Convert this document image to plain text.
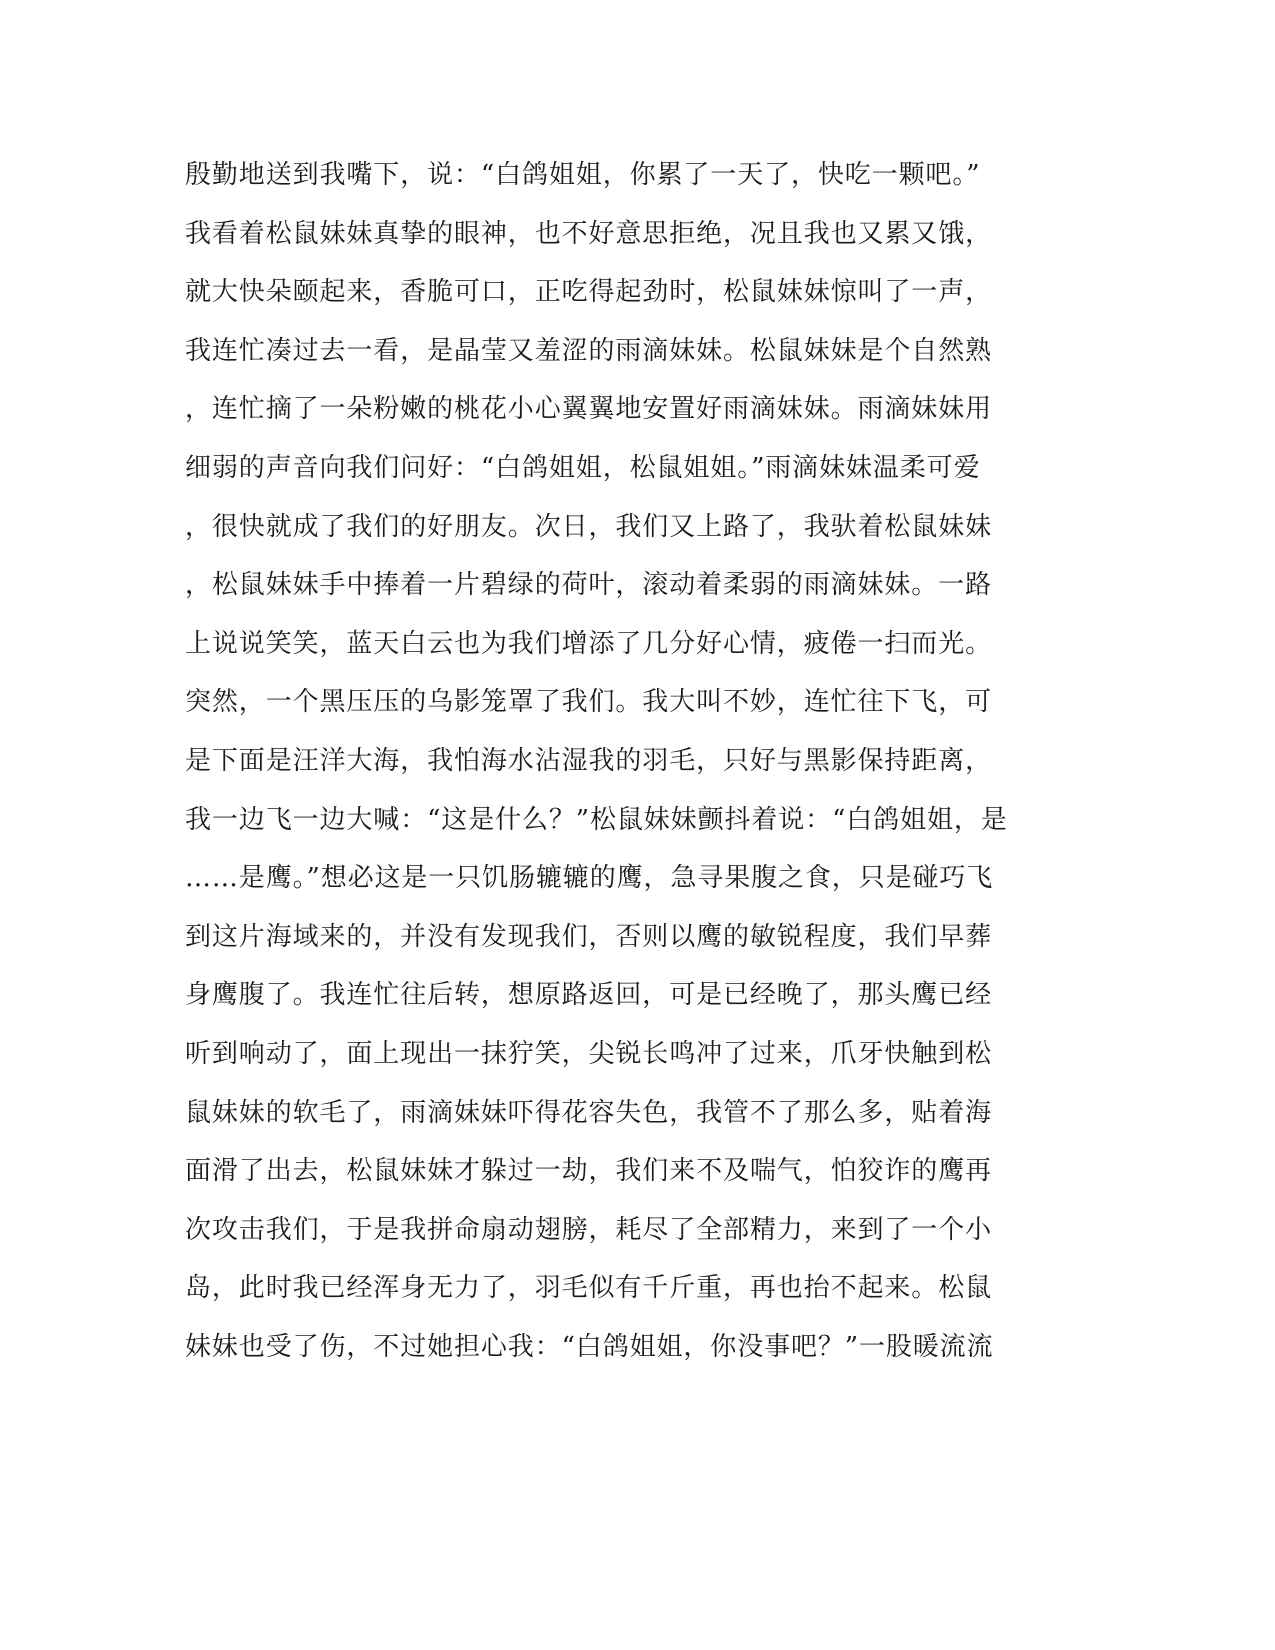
殷勤地送到我嘴下，说：“白鸽姐姐，你累了一天了，快吃一颗吧。”
我看着松鼠妹妹真挚的眼神，也不好意思拒绝，况且我也又累又饿，
就大快朵颐起来，香脆可口，正吃得起劲时，松鼠妹妹惊叫了一声，
我连忙凑过去一看，是晶莹又羞涩的雨滴妹妹。松鼠妹妹是个自然熟
，连忙摘了一朵粉嫩的桃花小心翼翼地安置好雨滴妹妹。雨滴妹妹用
细弱的声音向我们问好：“白鸽姐姐，松鼠姐姐。”雨滴妹妹温柔可爱
，很快就成了我们的好朋友。次日，我们又上路了，我驮着松鼠妹妹
，松鼠妹妹手中捧着一片碧绿的荷叶，滚动着柔弱的雨滴妹妹。一路
上说说笑笑，蓝天白云也为我们增添了几分好心情，疲倦一扫而光。
突然，一个黑压压的乌影笼罩了我们。我大叫不妙，连忙往下飞，可
是下面是汪洋大海，我怕海水沾湿我的羽毛，只好与黑影保持距离，
我一边飞一边大喊：“这是什么？”松鼠妹妹颤抖着说：“白鸽姐姐，是
……是鹰。”想必这是一只饥肠辘辘的鹰，急寻果腹之食，只是碰巧飞
到这片海域来的，并没有发现我们，否则以鹰的敏锐程度，我们早葬
身鹰腹了。我连忙往后转，想原路返回，可是已经晚了，那头鹰已经
听到响动了，面上现出一抹狞笑，尖锐长鸣冲了过来，爪牙快触到松
鼠妹妹的软毛了，雨滴妹妹吓得花容失色，我管不了那么多，贴着海
面滑了出去，松鼠妹妹才躲过一劫，我们来不及喘气，怕狡诈的鹰再
次攻击我们，于是我拼命扇动翅膀，耗尽了全部精力，来到了一个小
岛，此时我已经浑身无力了，羽毛似有千斤重，再也抬不起来。松鼠
妹妹也受了伤，不过她担心我：“白鸽姐姐，你没事吧？”一股暖流流
